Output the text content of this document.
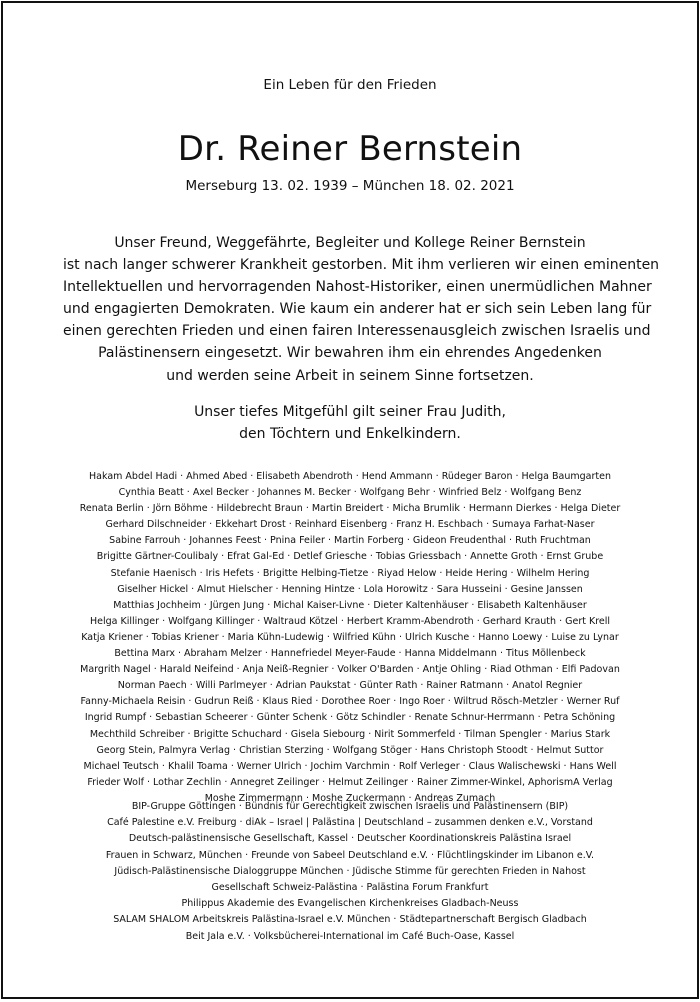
Ein Leben für den Frieden
Dr. Reiner Bernstein
Merseburg 13. 02. 1939 – München 18. 02. 2021
Unser Freund, Weggefährte, Begleiter und Kollege Reiner Bernstein
ist nach langer schwerer Krankheit gestorben. Mit ihm verlieren wir einen eminenten
Intellektuellen und hervorragenden Nahost-Historiker, einen unermüdlichen Mahner
und engagierten Demokraten. Wie kaum ein anderer hat er sich sein Leben lang für
einen gerechten Frieden und einen fairen Interessenausgleich zwischen Israelis und
Palästinensern eingesetzt. Wir bewahren ihm ein ehrendes Angedenken
und werden seine Arbeit in seinem Sinne fortsetzen.
Unser tiefes Mitgefühl gilt seiner Frau Judith,
den Töchtern und Enkelkindern.
Hakam Abdel Hadi · Ahmed Abed · Elisabeth Abendroth · Hend Ammann · Rüdeger Baron · Helga Baumgarten
Cynthia Beatt · Axel Becker · Johannes M. Becker · Wolfgang Behr · Winfried Belz · Wolfgang Benz
Renata Berlin · Jörn Böhme · Hildebrecht Braun · Martin Breidert · Micha Brumlik · Hermann Dierkes · Helga Dieter
Gerhard Dilschneider · Ekkehart Drost · Reinhard Eisenberg · Franz H. Eschbach · Sumaya Farhat-Naser
Sabine Farrouh · Johannes Feest · Pnina Feiler · Martin Forberg · Gideon Freudenthal · Ruth Fruchtman
Brigitte Gärtner-Coulibaly · Efrat Gal-Ed · Detlef Griesche · Tobias Griessbach · Annette Groth · Ernst Grube
Stefanie Haenisch · Iris Hefets · Brigitte Helbing-Tietze · Riyad Helow · Heide Hering · Wilhelm Hering
Giselher Hickel · Almut Hielscher · Henning Hintze · Lola Horowitz · Sara Husseini · Gesine Janssen
Matthias Jochheim · Jürgen Jung · Michal Kaiser-Livne · Dieter Kaltenhäuser · Elisabeth Kaltenhäuser
Helga Killinger · Wolfgang Killinger · Waltraud Kötzel · Herbert Kramm-Abendroth · Gerhard Krauth · Gert Krell
Katja Kriener · Tobias Kriener · Maria Kühn-Ludewig · Wilfried Kühn · Ulrich Kusche · Hanno Loewy · Luise zu Lynar
Bettina Marx · Abraham Melzer · Hannefriedel Meyer-Faude · Hanna Middelmann · Titus Möllenbeck
Margrith Nagel · Harald Neifeind · Anja Neiß-Regnier · Volker O'Barden · Antje Ohling · Riad Othman · Elfi Padovan
Norman Paech · Willi Parlmeyer · Adrian Paukstat · Günter Rath · Rainer Ratmann · Anatol Regnier
Fanny-Michaela Reisin · Gudrun Reiß · Klaus Ried · Dorothee Roer · Ingo Roer · Wiltrud Rösch-Metzler · Werner Ruf
Ingrid Rumpf · Sebastian Scheerer · Günter Schenk · Götz Schindler · Renate Schnur-Herrmann · Petra Schöning
Mechthild Schreiber · Brigitte Schuchard · Gisela Siebourg · Nirit Sommerfeld · Tilman Spengler · Marius Stark
Georg Stein, Palmyra Verlag · Christian Sterzing · Wolfgang Stöger · Hans Christoph Stoodt · Helmut Suttor
Michael Teutsch · Khalil Toama · Werner Ulrich · Jochim Varchmin · Rolf Verleger · Claus Walischewski · Hans Well
Frieder Wolf · Lothar Zechlin · Annegret Zeilinger · Helmut Zeilinger · Rainer Zimmer-Winkel, AphorismA Verlag
Moshe Zimmermann · Moshe Zuckermann · Andreas Zumach
BIP-Gruppe Göttingen · Bündnis für Gerechtigkeit zwischen Israelis und Palästinensern (BIP)
Café Palestine e.V. Freiburg · diAk – Israel | Palästina | Deutschland – zusammen denken e.V., Vorstand
Deutsch-palästinensische Gesellschaft, Kassel · Deutscher Koordinationskreis Palästina Israel
Frauen in Schwarz, München · Freunde von Sabeel Deutschland e.V. · Flüchtlingskinder im Libanon e.V.
Jüdisch-Palästinensische Dialoggruppe München · Jüdische Stimme für gerechten Frieden in Nahost
Gesellschaft Schweiz-Palästina · Palästina Forum Frankfurt
Philippus Akademie des Evangelischen Kirchenkreises Gladbach-Neuss
SALAM SHALOM Arbeitskreis Palästina-Israel e.V. München · Städtepartnerschaft Bergisch Gladbach
Beit Jala e.V. · Volksbücherei-International im Café Buch-Oase, Kassel
